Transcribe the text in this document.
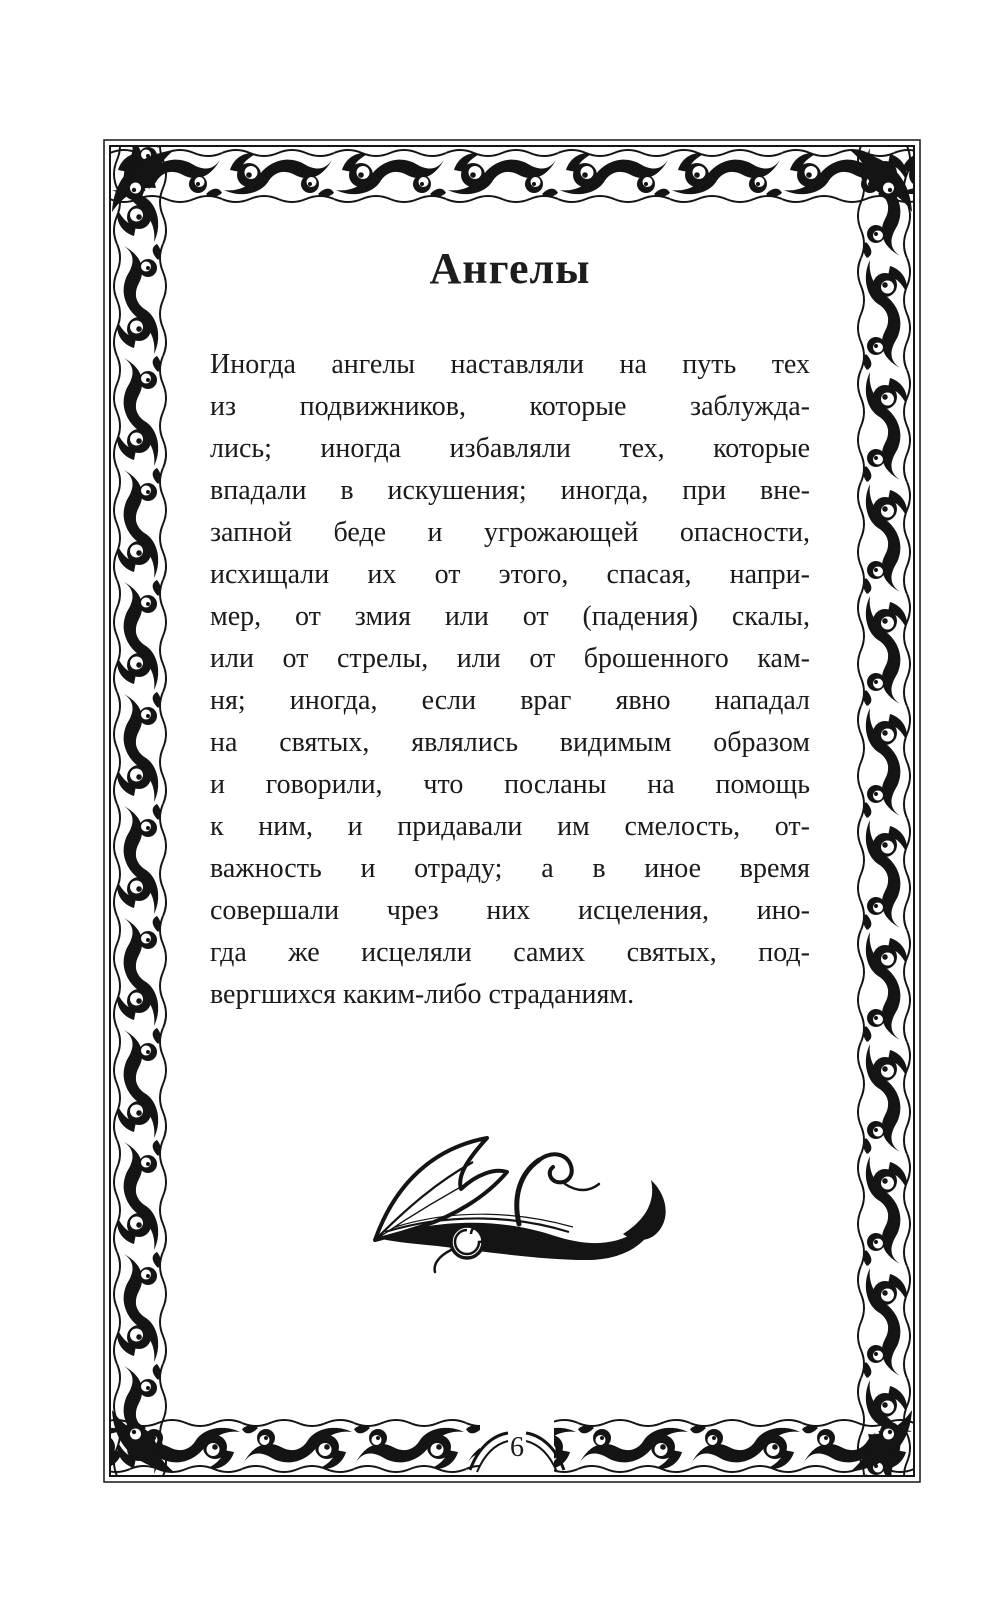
Ангелы
Иногда ангелы наставляли на путь тех
из подвижников, которые заблужда-
лись; иногда избавляли тех, которые
впадали в искушения; иногда, при вне-
запной беде и угрожающей опасности,
исхищали их от этого, спасая, напри-
мер, от змия или от (падения) скалы,
или от стрелы, или от брошенного кам-
ня; иногда, если враг явно нападал
на святых, являлись видимым образом
и говорили, что посланы на помощь
к ним, и придавали им смелость, от-
важность и отраду; а в иное время
совершали чрез них исцеления, ино-
гда же исцеляли самих святых, под-
вергшихся каким-либо страданиям.
6
